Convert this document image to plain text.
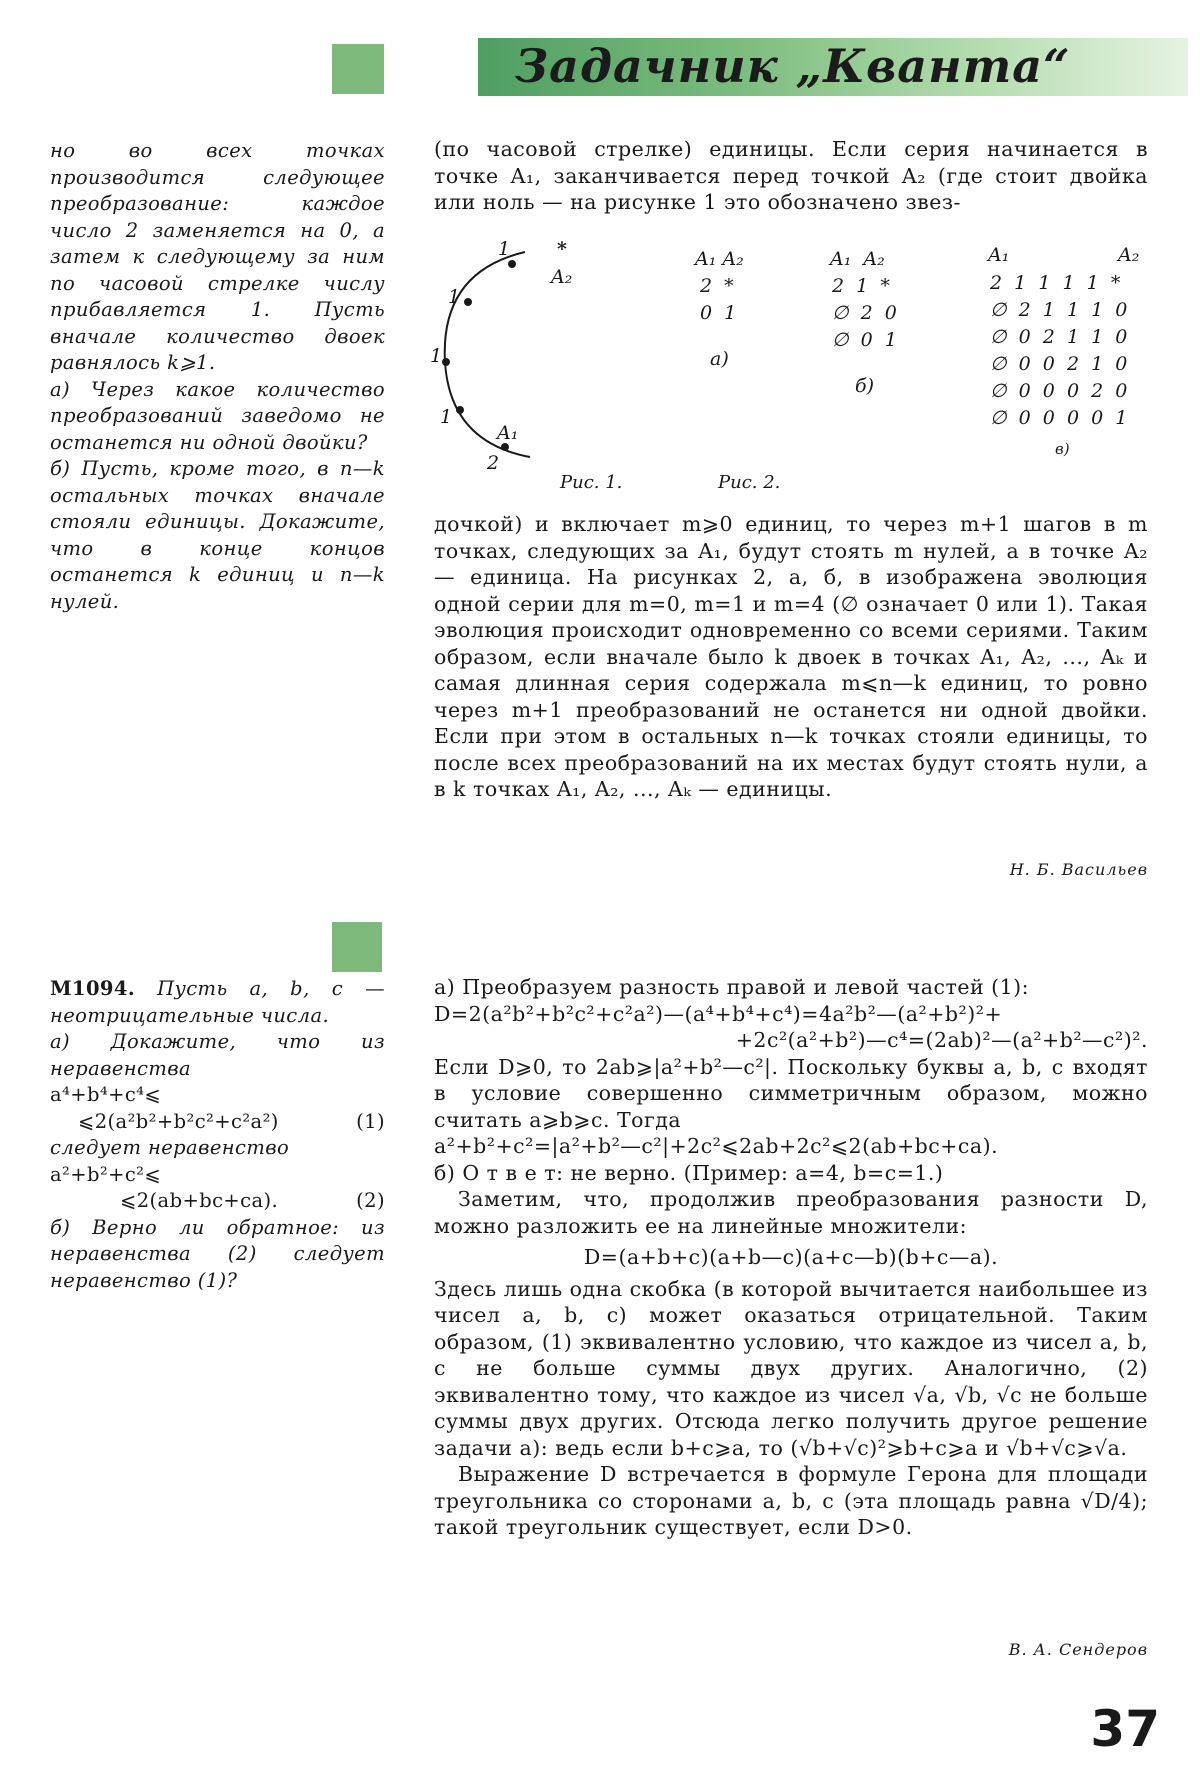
Задачник „Кванта“

но во всех точках производится следующее преобразование: каждое число 2 заменяется на 0, а затем к следующему за ним по часовой стрелке числу прибавляется 1. Пусть вначале количество двоек равнялось k⩾1.

а) Через какое количество преобразований заведомо не останется ни одной двойки?

б) Пусть, кроме того, в n—k остальных точках вначале стояли единицы. Докажите, что в конце концов останется k единиц и n—k нулей.

(по часовой стрелке) единицы. Если серия начинается в точке A₁, заканчивается перед точкой A₂ (где стоит двойка или ноль — на рисунке 1 это обозначено звез-

1
1
1
1
2
*
A₁
A₂
Рис. 1.
A₁ A₂
2  *
0  1
а)
A₁  A₂
2  1  *
∅  2  0
∅  0  1
б)
A₁	A₂
2  1  1  1  1  *
∅  2  1  1  1  0
∅  0  2  1  1  0
∅  0  0  2  1  0
∅  0  0  0  2  0
∅  0  0  0  0  1
в)
Рис. 2.

дочкой) и включает m⩾0 единиц, то через m+1 шагов в m точках, следующих за A₁, будут стоять m нулей, а в точке A₂ — единица. На рисунках 2, а, б, в изображена эволюция одной серии для m=0, m=1 и m=4 (∅ означает 0 или 1). Такая эволюция происходит одновременно со всеми сериями. Таким образом, если вначале было k двоек в точках A₁, A₂, ..., Aₖ и самая длинная серия содержала m⩽n—k единиц, то ровно через m+1 преобразований не останется ни одной двойки. Если при этом в остальных n—k точках стояли единицы, то после всех преобразований на их местах будут стоять нули, а в k точках A₁, A₂, ..., Aₖ — единицы.

Н. Б. Васильев

М1094. Пусть a, b, c — неотрицательные числа.

а) Докажите, что из неравенства

a⁴+b⁴+c⁴⩽

⩽2(a²b²+b²c²+c²a²)	(1)

следует неравенство

a²+b²+c²⩽

⩽2(ab+bc+ca).	(2)

б) Верно ли обратное: из неравенства (2) следует неравенство (1)?

а) Преобразуем разность правой и левой частей (1):

D=2(a²b²+b²c²+c²a²)—(a⁴+b⁴+c⁴)=4a²b²—(a²+b²)²+

+2c²(a²+b²)—c⁴=(2ab)²—(a²+b²—c²)².

Если D⩾0, то 2ab⩾|a²+b²—c²|. Поскольку буквы a, b, c входят в условие совершенно симметричным образом, можно считать a⩾b⩾c. Тогда

a²+b²+c²=|a²+b²—c²|+2c²⩽2ab+2c²⩽2(ab+bc+ca).

б) О т в е т: не верно. (Пример: a=4, b=c=1.)

Заметим, что, продолжив преобразования разности D, можно разложить ее на линейные множители:

D=(a+b+c)(a+b—c)(a+c—b)(b+c—a).

Здесь лишь одна скобка (в которой вычитается наибольшее из чисел a, b, c) может оказаться отрицательной. Таким образом, (1) эквивалентно условию, что каждое из чисел a, b, c не больше суммы двух других. Аналогично, (2) эквивалентно тому, что каждое из чисел √a, √b, √c не больше суммы двух других. Отсюда легко получить другое решение задачи а): ведь если b+c⩾a, то (√b+√c)²⩾b+c⩾a и √b+√c⩾√a.

Выражение D встречается в формуле Герона для площади треугольника со сторонами a, b, c (эта площадь равна √D/4); такой треугольник существует, если D>0.

В. А. Сендеров
37
